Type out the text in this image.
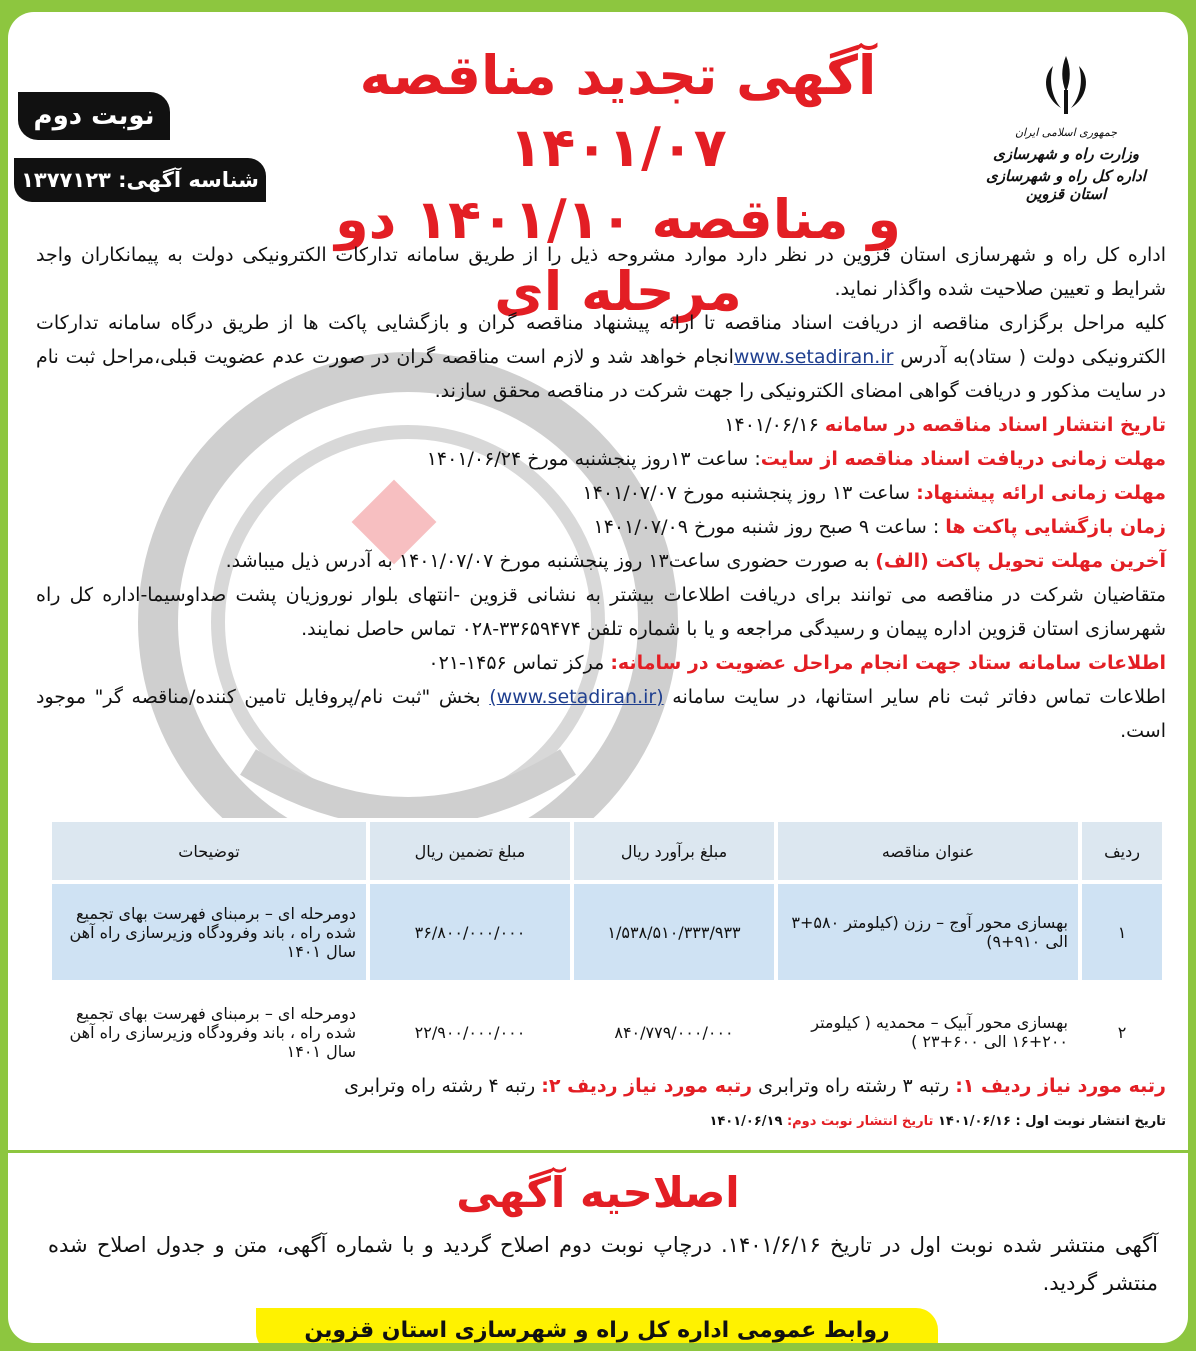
جمهوری اسلامی ایران
وزارت راه و شهرسازی
اداره کل راه و شهرسازی استان قزوین
آگهی تجدید مناقصه ۱۴۰۱/۰۷
و مناقصه ۱۴۰۱/۱۰ دو مرحله ای
نوبت دوم
شناسه آگهی: ۱۳۷۷۱۲۳

اداره کل راه و شهرسازی استان قزوین در نظر دارد موارد مشروحه ذیل را از طریق سامانه تدارکات الکترونیکی دولت به پیمانکاران واجد شرایط و تعیین صلاحیت شده واگذار نماید.

کلیه مراحل برگزاری مناقصه از دریافت اسناد مناقصه تا ارائه پیشنهاد مناقصه گران و بازگشایی پاکت ها از طریق درگاه سامانه تدارکات الکترونیکی دولت ( ستاد)به آدرس www.setadiran.irانجام خواهد شد و لازم است مناقصه گران در صورت عدم عضویت قبلی،مراحل ثبت نام در سایت مذکور و دریافت گواهی امضای الکترونیکی را جهت شرکت در مناقصه محقق سازند.

تاریخ انتشار اسناد مناقصه در سامانه ۱۴۰۱/۰۶/۱۶

مهلت زمانی دریافت اسناد مناقصه از سایت: ساعت ۱۳روز پنجشنبه مورخ ۱۴۰۱/۰۶/۲۴

مهلت زمانی ارائه پیشنهاد: ساعت ۱۳ روز پنجشنبه مورخ ۱۴۰۱/۰۷/۰۷

زمان بازگشایی پاکت ها : ساعت ۹ صبح روز شنبه مورخ ۱۴۰۱/۰۷/۰۹

آخرین مهلت تحویل پاکت (الف) به صورت حضوری ساعت۱۳ روز پنجشنبه مورخ ۱۴۰۱/۰۷/۰۷ به آدرس ذیل میباشد.

متقاضیان شرکت در مناقصه می توانند برای دریافت اطلاعات بیشتر به نشانی قزوین -انتهای بلوار نوروزیان پشت صداوسیما-اداره کل راه شهرسازی استان قزوین اداره پیمان و رسیدگی مراجعه و یا با شماره تلفن ۳۳۶۵۹۴۷۴-۰۲۸ تماس حاصل نمایند.

اطلاعات سامانه ستاد جهت انجام مراحل عضویت در سامانه: مرکز تماس ۱۴۵۶-۰۲۱

اطلاعات تماس دفاتر ثبت نام سایر استانها، در سایت سامانه (www.setadiran.ir) بخش "ثبت نام/پروفایل تامین کننده/مناقصه گر" موجود است.

ردیف	عنوان مناقصه	مبلغ برآورد ریال	مبلغ تضمین ریال	توضیحات
۱	بهسازی محور آوج – رزن (کیلومتر ۵۸۰+۳ الی ۹۱۰+۹)	۱/۵۳۸/۵۱۰/۳۳۳/۹۳۳	۳۶/۸۰۰/۰۰۰/۰۰۰	دومرحله ای – برمبنای فهرست بهای تجمیع شده راه ، باند وفرودگاه وزیرسازی راه آهن سال ۱۴۰۱
۲	بهسازی محور آبیک – محمدیه ( کیلومتر ۲۰۰+۱۶ الی ۶۰۰+۲۳ )	۸۴۰/۷۷۹/۰۰۰/۰۰۰	۲۲/۹۰۰/۰۰۰/۰۰۰	دومرحله ای – برمبنای فهرست بهای تجمیع شده راه ، باند وفرودگاه وزیرسازی راه آهن سال ۱۴۰۱
رتبه مورد نیاز ردیف ۱: رتبه ۳ رشته راه وترابری رتبه مورد نیاز ردیف ۲: رتبه ۴ رشته راه وترابری
تاریخ انتشار نوبت اول : ۱۴۰۱/۰۶/۱۶ تاریخ انتشار نوبت دوم: ۱۴۰۱/۰۶/۱۹
اصلاحیه آگهی
آگهی منتشر شده نوبت اول در تاریخ ۱۴۰۱/۶/۱۶. درچاپ نوبت دوم اصلاح گردید و با شماره آگهی، متن و جدول اصلاح شده منتشر گردید.
روابط عمومی اداره کل راه و شهرسازی استان قزوین
